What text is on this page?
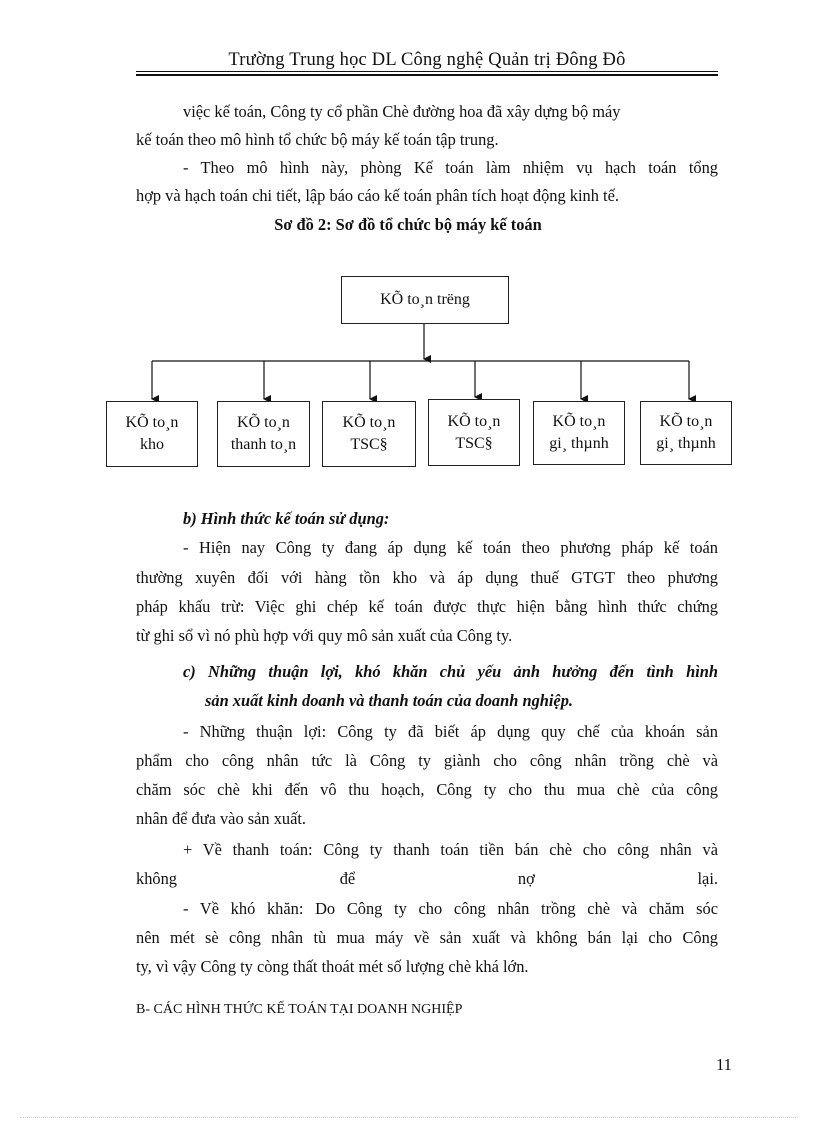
Trường Trung học DL Công nghệ Quản trị Đông Đô
việc kế toán, Công ty cổ phần Chè đường hoa đã xây dựng bộ máy
kế toán theo mô hình tổ chức bộ máy kế toán tập trung.
- Theo mô hình này, phòng Kế toán làm nhiệm vụ hạch toán tổng
hợp và hạch toán chi tiết, lập báo cáo kế toán phân tích hoạt động kinh tế.
Sơ đồ 2: Sơ đồ tổ chức bộ máy kế toán
KÕ to¸n trëng
KÕ to¸n
kho
KÕ to¸n
thanh to¸n
KÕ to¸n
TSC§
KÕ to¸n
TSC§
KÕ to¸n
gi¸ thµnh
KÕ to¸n
gi¸ thµnh
b) Hình thức kế toán sử dụng:
- Hiện nay Công ty đang áp dụng kế toán theo phương pháp kế toán
thường xuyên đối với hàng tồn kho và áp dụng thuế GTGT theo phương
pháp khấu trừ: Việc ghi chép kế toán được thực hiện bằng hình thức chứng
từ ghi sổ vì nó phù hợp với quy mô sản xuất của Công ty.
c) Những thuận lợi, khó khăn chủ yếu ảnh hưởng đến tình hình
sản xuất kinh doanh và thanh toán của doanh nghiệp.
- Những thuận lợi: Công ty đã biết áp dụng quy chế của khoán sản
phẩm cho công nhân tức là Công ty giành cho công nhân trồng chè và
chăm sóc chè khi đến vô thu hoạch, Công ty cho thu mua chè của công
nhân để đưa vào sản xuất.
+ Về thanh toán: Công ty thanh toán tiền bán chè cho công nhân và
không	để	nợ	lại.
- Về khó khăn: Do Công ty cho công nhân trồng chè và chăm sóc
nên mét sè công nhân tù mua máy về sản xuất và không bán lại cho Công
ty, vì vậy Công ty còng thất thoát mét số lượng chè khá lớn.
B- CÁC HÌNH THỨC KẾ TOÁN TẠI DOANH NGHIỆP
11
